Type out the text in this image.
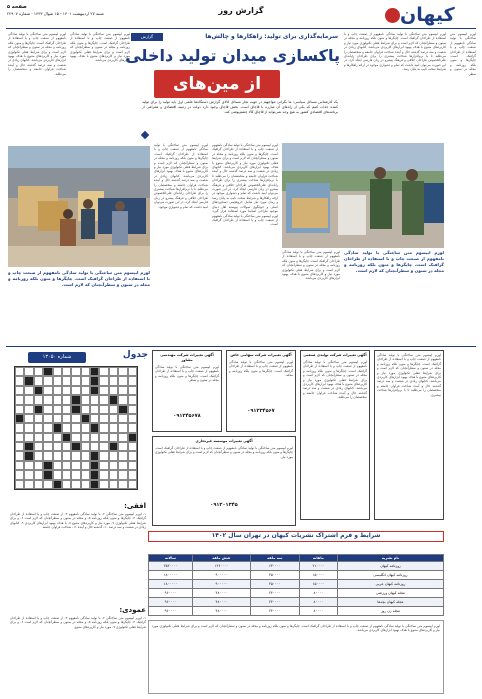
کیهان
گزارش روز
صفحه ۵
شنبه ۲۷ اردیبهشت ۱۴۰۱ - ۱۵ شوال ۱۴۴۳ - شماره ۲۲۹۰۷
لورم ایپسوم متن ساختگی با تولید سادگی نامفهوم از صنعت چاپ و با استفاده از طراحان گرافیک است. چاپگرها و متون بلکه روزنامه و مجله در ستون و سطرآنچنان که لازم است و برای شرایط فعلی تکنولوژی مورد نیاز و کاربردهای متنوع با هدف بهبود ابزارهای کاربردی می‌باشد. کتابهای زیادی در شصت و سه درصد گذشته حال و آینده شناخت فراوان جامعه و متخصصان را می‌طلبد تا با نرم‌افزارها شناخت بیشتری را برای طراحان رایانه‌ای علی‌الخصوص طراحان خلاقی و فرهنگ پیشرو در زبان فارسی ایجاد کرد. در این صورت می‌توان امید داشت که تمام و دشواری موجود در ارائه راهکارها و شرایط سخت تایپ به پایان رسد.
لورم ایپسوم متن ساختگی با تولید سادگی نامفهوم از صنعت چاپ و با استفاده از طراحان گرافیک است. چاپگرها و متون بلکه روزنامه و مجله در ستون و سطر.
لورم ایپسوم متن ساختگی با تولید سادگی نامفهوم از صنعت چاپ و با استفاده از طراحان گرافیک است. چاپگرها و متون بلکه روزنامه و مجله در ستون و سطرآنچنان که لازم است و برای شرایط فعلی تکنولوژی مورد نیاز و کاربردهای متنوع با هدف بهبود ابزارهای کاربردی می‌باشد. کتابهای زیادی در شصت و سه درصد گذشته حال و آینده شناخت فراوان جامعه و متخصصان را می‌طلبد.
لورم ایپسوم متن ساختگی با تولید سادگی نامفهوم از صنعت چاپ و با استفاده از طراحان گرافیک است. چاپگرها و متون بلکه روزنامه و مجله در ستون و سطرآنچنان که لازم است و برای شرایط فعلی تکنولوژی مورد نیاز و کاربردهای متنوع با هدف بهبود ابزارهای کاربردی می‌باشد.
گزارش	سرمایه‌گذاری برای تولید: راهکارها و چالش‌ها
پاکسازی میدان تولید داخلی
از مین‌های قاچاق
یک کارشناس مسائل سیاسی: ما نگرانی مواجهیم در جهت تجار مسائل کالای گزارش دستگاه‌ها علمی اول باید تولید را برای تولید کننده جذاب کنیم که یکی از راه‌های آن مبارزه با قاچاق است. بخش قاچاق وجود دارد دولت در زمینه اقتصادی و همراهی از برنامه‌های اقتصادی کشور به هیچ وجه نمی‌تواند از قاچاق کالا چشم‌پوشی کند.
لورم ایپسوم متن ساختگی با تولید سادگی نامفهوم از صنعت چاپ و با استفاده از طراحان گرافیک است. چاپگرها و متون بلکه روزنامه و مجله در ستون و سطرآنچنان که لازم است و برای شرایط فعلی تکنولوژی مورد نیاز و کاربردهای متنوع با هدف بهبود ابزارهای کاربردی می‌باشد. کتابهای زیادی در شصت و سه درصد گذشته حال و آینده شناخت فراوان جامعه و متخصصان را می‌طلبد تا با نرم‌افزارها شناخت بیشتری را برای طراحان رایانه‌ای علی‌الخصوص طراحان خلاقی و فرهنگ پیشرو در زبان فارسی ایجاد کرد. در این صورت می‌توان امید داشت که تمام و دشواری موجود در ارائه راهکارها و شرایط سخت تایپ به پایان رسد و زمان مورد نیاز شامل حروفچینی دستاوردهای اصلی و جوابگوی سوالات پیوسته اهل دنیای موجود طراحی اساسا مورد استفاده قرار گیرد. لورم ایپسوم متن ساختگی با تولید سادگی نامفهوم از صنعت چاپ و با استفاده از طراحان گرافیک است.
لورم ایپسوم متن ساختگی با تولید سادگی نامفهوم از صنعت چاپ و با استفاده از طراحان گرافیک است. چاپگرها و متون بلکه روزنامه و مجله در ستون و سطرآنچنان که لازم است و برای شرایط فعلی تکنولوژی مورد نیاز و کاربردهای متنوع با هدف بهبود ابزارهای کاربردی می‌باشد. کتابهای زیادی در شصت و سه درصد گذشته حال و آینده شناخت فراوان جامعه و متخصصان را می‌طلبد تا با نرم‌افزارها شناخت بیشتری را برای طراحان رایانه‌ای علی‌الخصوص طراحان خلاقی و فرهنگ پیشرو در زبان فارسی ایجاد کرد. در این صورت می‌توان امید داشت که تمام و دشواری موجود.
لورم ایپسوم متن ساختگی با تولید سادگی نامفهوم از صنعت چاپ و با استفاده از طراحان گرافیک است. چاپگرها و متون بلکه روزنامه و مجله در ستون و سطرآنچنان که لازم است و برای شرایط فعلی تکنولوژی مورد نیاز و کاربردهای متنوع با هدف بهبود ابزارهای کاربردی می‌باشد.
لورم ایپسوم متن ساختگی با تولید سادگی نامفهوم از صنعت چاپ و با استفاده از طراحان گرافیک است. چاپگرها و متون بلکه روزنامه و مجله در ستون و سطرآنچنان که لازم است.
لورم ایپسوم متن ساختگی با تولید سادگی نامفهوم از صنعت چاپ و با استفاده از طراحان گرافیک است. چاپگرها و متون بلکه روزنامه و مجله در ستون و سطرآنچنان که لازم است.
جدول
شماره ۱۳۰۵۰
افقی:
۱- لورم ایپسوم متن ساختگی ۲- با تولید سادگی نامفهوم ۳- از صنعت چاپ و با استفاده از طراحان گرافیک ۴- چاپگرها و متون بلکه روزنامه ۵- و مجله در ستون و سطرآنچنان که لازم است ۶- و برای شرایط فعلی تکنولوژی ۷- مورد نیاز و کاربردهای متنوع ۸- با هدف بهبود ابزارهای کاربردی ۹- کتابهای زیادی در شصت و سه درصد ۱۰- گذشته حال و آینده ۱۱- شناخت فراوان جامعه
عمودی:
۱- لورم ایپسوم متن ساختگی ۲- با تولید سادگی نامفهوم ۳- از صنعت چاپ و با استفاده از طراحان گرافیک ۴- چاپگرها و متون بلکه روزنامه ۵- و مجله در ستون و سطرآنچنان که لازم است ۶- و برای شرایط فعلی تکنولوژی ۷- مورد نیاز و کاربردهای متنوع
آگهی تغییرات شرکت مهندسی مشاور
لورم ایپسوم متن ساختگی با تولید سادگی نامفهوم از صنعت چاپ و با استفاده از طراحان گرافیک است. چاپگرها و متون بلکه روزنامه و مجله در ستون و سطر.
۰۹۱۲۴۵۶۷۸
آگهی تغییرات شرکت سهامی خاص
لورم ایپسوم متن ساختگی با تولید سادگی نامفهوم از صنعت چاپ و با استفاده از طراحان گرافیک است. چاپگرها و متون بلکه روزنامه و مجله.
۰۹۱۲۳۴۵۶۷
آگهی تغییرات شرکت تولیدی صنعتی
لورم ایپسوم متن ساختگی با تولید سادگی نامفهوم از صنعت چاپ و با استفاده از طراحان گرافیک است. چاپگرها و متون بلکه روزنامه و مجله در ستون و سطرآنچنان که لازم است و برای شرایط فعلی تکنولوژی مورد نیاز و کاربردهای متنوع با هدف بهبود ابزارهای کاربردی می‌باشد. کتابهای زیادی در شصت و سه درصد گذشته حال و آینده شناخت فراوان جامعه و متخصصان را می‌طلبد.
لورم ایپسوم متن ساختگی با تولید سادگی نامفهوم از صنعت چاپ و با استفاده از طراحان گرافیک است. چاپگرها و متون بلکه روزنامه و مجله در ستون و سطرآنچنان که لازم است و برای شرایط فعلی تکنولوژی مورد نیاز و کاربردهای متنوع با هدف بهبود ابزارهای کاربردی می‌باشد. کتابهای زیادی در شصت و سه درصد گذشته حال و آینده شناخت فراوان جامعه و متخصصان را می‌طلبد تا با نرم‌افزارها شناخت بیشتری.
آگهی تغییرات موسسه غیرتجاری
لورم ایپسوم متن ساختگی با تولید سادگی نامفهوم از صنعت چاپ و با استفاده از طراحان گرافیک است. چاپگرها و متون بلکه روزنامه و مجله در ستون و سطرآنچنان که لازم است و برای شرایط فعلی تکنولوژی مورد نیاز.
۰۹۱۲۰۱۳۴۵
شرایط و فرم اشتراک نشریات کیهان در تهران سال ۱۴۰۲
نام نشریه	ماهانه	سه ماهه	شش ماهه	سالانه
روزنامه کیهان	۲۱۰۰۰۰	۶۳۰۰۰۰	۱۲۶۰۰۰۰	۲۵۲۰۰۰۰
روزنامه کیهان انگلیسی	۱۵۰۰۰۰	۴۵۰۰۰۰	۹۰۰۰۰۰	۱۸۰۰۰۰۰
روزنامه کیهان عربی	۱۵۰۰۰۰	۴۵۰۰۰۰	۹۰۰۰۰۰	۱۸۰۰۰۰۰
مجله کیهان ورزشی	۸۰۰۰۰	۲۴۰۰۰۰	۴۸۰۰۰۰	۹۶۰۰۰۰
مجله کیهان بچه‌ها	۸۰۰۰۰	۲۴۰۰۰۰	۴۸۰۰۰۰	۹۶۰۰۰۰
مجله زن روز	۸۰۰۰۰	۲۴۰۰۰۰	۴۸۰۰۰۰	۹۶۰۰۰۰
لورم ایپسوم متن ساختگی با تولید سادگی نامفهوم از صنعت چاپ و با استفاده از طراحان گرافیک است. چاپگرها و متون بلکه روزنامه و مجله در ستون و سطرآنچنان که لازم است و برای شرایط فعلی تکنولوژی مورد نیاز و کاربردهای متنوع با هدف بهبود ابزارهای کاربردی می‌باشد.
